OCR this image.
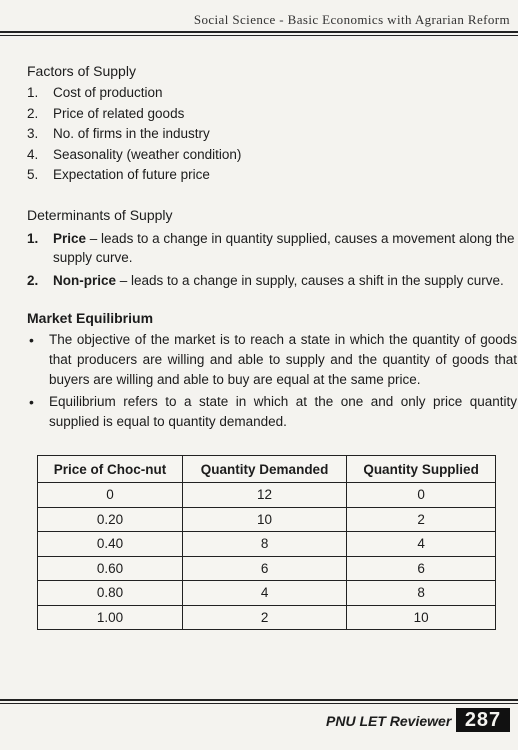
Social Science - Basic Economics with Agrarian Reform
Factors of Supply
1. Cost of production
2. Price of related goods
3. No. of firms in the industry
4. Seasonality (weather condition)
5. Expectation of future price
Determinants of Supply
1. Price – leads to a change in quantity supplied, causes a movement along the supply curve.
2. Non-price – leads to a change in supply, causes a shift in the supply curve.
Market Equilibrium
• The objective of the market is to reach a state in which the quantity of goods that producers are willing and able to supply and the quantity of goods that buyers are willing and able to buy are equal at the same price.
• Equilibrium refers to a state in which at the one and only price quantity supplied is equal to quantity demanded.
Price of Choc-nut	Quantity Demanded	Quantity Supplied
0	12	0
0.20	10	2
0.40	8	4
0.60	6	6
0.80	4	8
1.00	2	10
PNU LET Reviewer 287
